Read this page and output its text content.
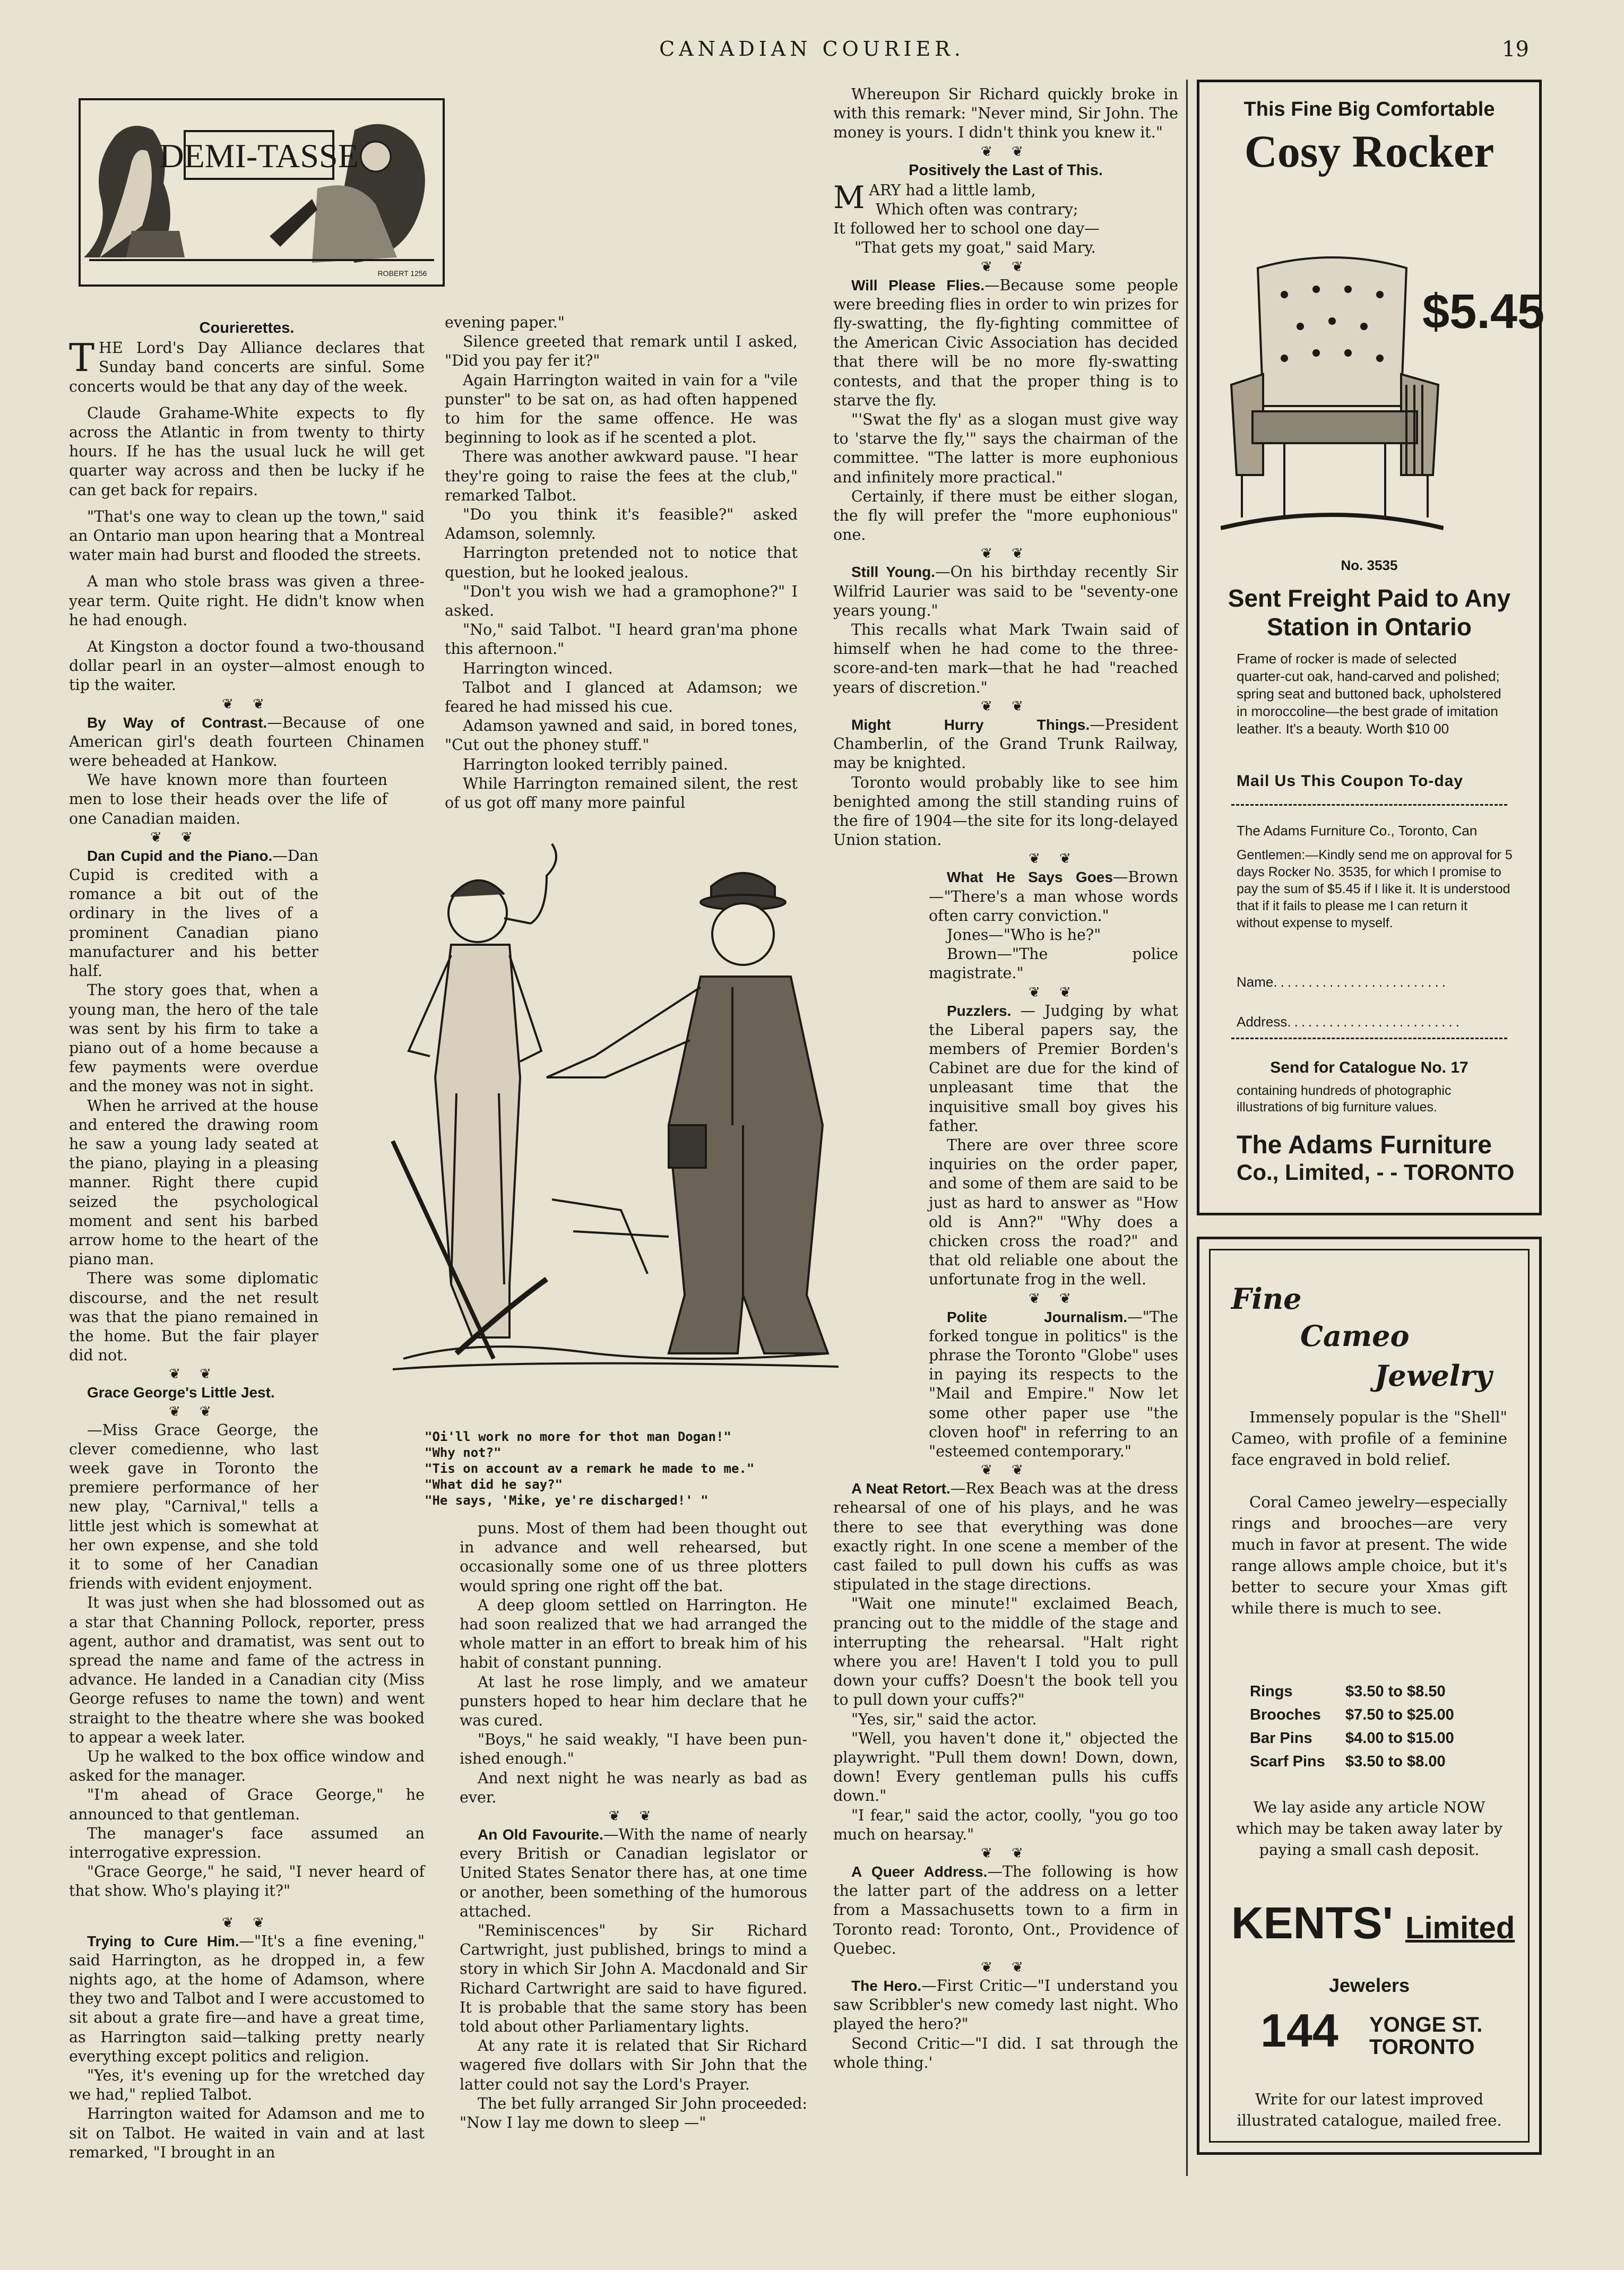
CANADIAN COURIER.	19
DEMI-TASSE
ROBERT 1256
Courierettes.

THE Lord's Day Alliance declares that Sunday band concerts are sinful. Some concerts would be that any day of the week.

Claude Grahame-White expects to fly across the Atlantic in from twenty to thirty hours. If he has the usual luck he will get quarter way across and then be lucky if he can get back for repairs.

"That's one way to clean up the town," said an Ontario man upon hearing that a Montreal water main had burst and flooded the streets.

A man who stole brass was given a three-year term. Quite right. He didn't know when he had enough.

At Kingston a doctor found a two-thousand dollar pearl in an oyster—almost enough to tip the waiter.

❦ ❦

By Way of Contrast.—Because of one American girl's death fourteen Chinamen were beheaded at Hankow.

We have known more than fourteen men to lose their heads over the life of one Canadian maiden.

❦ ❦

Dan Cupid and the Piano.—Dan Cupid is credited with a romance a bit out of the ordinary in the lives of a prominent Canadian piano manufacturer and his better half.

The story goes that, when a young man, the hero of the tale was sent by his firm to take a piano out of a home because a few payments were overdue and the money was not in sight.

When he arrived at the house and entered the drawing room he saw a young lady seated at the piano, playing in a pleasing manner. Right there cupid seized the psychological moment and sent his barbed arrow home to the heart of the piano man.

There was some diplomatic discourse, and the net result was that the piano remained in the home. But the fair player did not.

❦ ❦

Grace George's Little Jest.

❦ ❦

—Miss Grace George, the clever comedienne, who last week gave in Toronto the premiere performance of her new play, "Carnival," tells a little jest which is somewhat at her own expense, and she told it to some of her Canadian friends with evident enjoyment.

It was just when she had blossomed out as a star that Channing Pollock, reporter, press agent, author and dramatist, was sent out to spread the name and fame of the actress in advance. He landed in a Canadian city (Miss George refuses to name the town) and went straight to the theatre where she was booked to appear a week later.

Up he walked to the box office window and asked for the manager.

"I'm ahead of Grace George," he announced to that gentleman.

The manager's face assumed an interrogative expression.

"Grace George," he said, "I never heard of that show. Who's playing it?"

❦ ❦

Trying to Cure Him.—"It's a fine evening," said Harrington, as he dropped in, a few nights ago, at the home of Adamson, where they two and Talbot and I were accustomed to sit about a grate fire—and have a great time, as Harrington said—talking pretty nearly everything except politics and religion.

"Yes, it's evening up for the wretched day we had," replied Talbot.

Harrington waited for Adamson and me to sit on Talbot. He waited in vain and at last remarked, "I brought in an

evening paper."

Silence greeted that remark until I asked, "Did you pay fer it?"

Again Harrington waited in vain for a "vile punster" to be sat on, as had often happened to him for the same offence. He was beginning to look as if he scented a plot.

There was another awkward pause. "I hear they're going to raise the fees at the club," remarked Talbot.

"Do you think it's feasible?" asked Adamson, solemnly.

Harrington pretended not to notice that question, but he looked jealous.

"Don't you wish we had a gramophone?" I asked.

"No," said Talbot. "I heard gran'ma phone this afternoon."

Harrington winced.

Talbot and I glanced at Adamson; we feared he had missed his cue.

Adamson yawned and said, in bored tones, "Cut out the phoney stuff."

Harrington looked terribly pained.

While Harrington remained silent, the rest of us got off many more painful

"Oi'll work no more for thot man Dogan!"
"Why not?"
"Tis on account av a remark he made to me."
"What did he say?"
"He says, 'Mike, ye're discharged!' "

puns. Most of them had been thought out in advance and well rehearsed, but occasionally some one of us three plotters would spring one right off the bat.

A deep gloom settled on Harrington. He had soon realized that we had arranged the whole matter in an effort to break him of his habit of constant punning.

At last he rose limply, and we amateur punsters hoped to hear him declare that he was cured.

"Boys," he said weakly, "I have been pun-ished enough."

And next night he was nearly as bad as ever.

❦ ❦

An Old Favourite.—With the name of nearly every British or Canadian legislator or United States Senator there has, at one time or another, been something of the humorous attached.

"Reminiscences" by Sir Richard Cartwright, just published, brings to mind a story in which Sir John A. Macdonald and Sir Richard Cartwright are said to have figured. It is probable that the same story has been told about other Parliamentary lights.

At any rate it is related that Sir Richard wagered five dollars with Sir John that the latter could not say the Lord's Prayer.

The bet fully arranged Sir John proceeded: "Now I lay me down to sleep —"

Whereupon Sir Richard quickly broke in with this remark: "Never mind, Sir John. The money is yours. I didn't think you knew it."

❦ ❦
Positively the Last of This.

MARY had a little lamb,

Which often was contrary;

It followed her to school one day—

"That gets my goat," said Mary.

❦ ❦

Will Please Flies.—Because some people were breeding flies in order to win prizes for fly-swatting, the fly-fighting committee of the American Civic Association has decided that there will be no more fly-swatting contests, and that the proper thing is to starve the fly.

"'Swat the fly' as a slogan must give way to 'starve the fly,'" says the chairman of the committee. "The latter is more euphonious and infinitely more practical."

Certainly, if there must be either slogan, the fly will prefer the "more euphonious" one.

❦ ❦

Still Young.—On his birthday recently Sir Wilfrid Laurier was said to be "seventy-one years young."

This recalls what Mark Twain said of himself when he had come to the three-score-and-ten mark—that he had "reached years of discretion."

❦ ❦

Might Hurry Things.—President Chamberlin, of the Grand Trunk Railway, may be knighted.

Toronto would probably like to see him benighted among the still standing ruins of the fire of 1904—the site for its long-delayed Union station.

❦ ❦

What He Says Goes—Brown—"There's a man whose words often carry conviction."

Jones—"Who is he?"

Brown—"The police magistrate."

❦ ❦

Puzzlers. — Judging by what the Liberal papers say, the members of Premier Borden's Cabinet are due for the kind of unpleasant time that the inquisitive small boy gives his father.

There are over three score inquiries on the order paper, and some of them are said to be just as hard to answer as "How old is Ann?" "Why does a chicken cross the road?" and that old reliable one about the unfortunate frog in the well.

❦ ❦

Polite Journalism.—"The forked tongue in politics" is the phrase the Toronto "Globe" uses in paying its respects to the "Mail and Empire." Now let some other paper use "the cloven hoof" in referring to an "esteemed contemporary."

❦ ❦

A Neat Retort.—Rex Beach was at the dress rehearsal of one of his plays, and he was there to see that everything was done exactly right. In one scene a member of the cast failed to pull down his cuffs as was stipulated in the stage directions.

"Wait one minute!" exclaimed Beach, prancing out to the middle of the stage and interrupting the rehearsal. "Halt right where you are! Haven't I told you to pull down your cuffs? Doesn't the book tell you to pull down your cuffs?"

"Yes, sir," said the actor.

"Well, you haven't done it," objected the playwright. "Pull them down! Down, down, down! Every gentleman pulls his cuffs down."

"I fear," said the actor, coolly, "you go too much on hearsay."

❦ ❦

A Queer Address.—The following is how the latter part of the address on a letter from a Massachusetts town to a firm in Toronto read: Toronto, Ont., Providence of Quebec.

❦ ❦

The Hero.—First Critic—"I understand you saw Scribbler's new comedy last night. Who played the hero?"

Second Critic—"I did. I sat through the whole thing.'

This Fine Big Comfortable
Cosy Rocker
$5.45
No. 3535
Sent Freight Paid to Any Station in Ontario
Frame of rocker is made of selected quarter-cut oak, hand-carved and polished; spring seat and buttoned back, upholstered in moroccoline—the best grade of imitation leather. It's a beauty. Worth $10 00
Mail Us This Coupon To-day
The Adams Furniture Co., Toronto, Can
Gentlemen:—Kindly send me on approval for 5 days Rocker No. 3535, for which I promise to pay the sum of $5.45 if I like it. It is understood that if it fails to please me I can return it without expense to myself.
Name.........................
Address.........................
Send for Catalogue No. 17
containing hundreds of photographic illustrations of big furniture values.
The Adams Furniture
Co., Limited, - - TORONTO
Fine
Cameo
Jewelry
Immensely popular is the "Shell" Cameo, with profile of a feminine face engraved in bold relief.
Coral Cameo jewelry—especially rings and brooches—are very much in favor at present. The wide range allows ample choice, but it's better to secure your Xmas gift while there is much to see.
Rings	$3.50 to $8.50
Brooches $7.50 to $25.00
Bar Pins $4.00 to $15.00
Scarf Pins $3.50 to $8.00
We lay aside any article NOW which may be taken away later by paying a small cash deposit.
KENTS' Limited
Jewelers
144	YONGE ST.
TORONTO
Write for our latest improved illustrated catalogue, mailed free.
